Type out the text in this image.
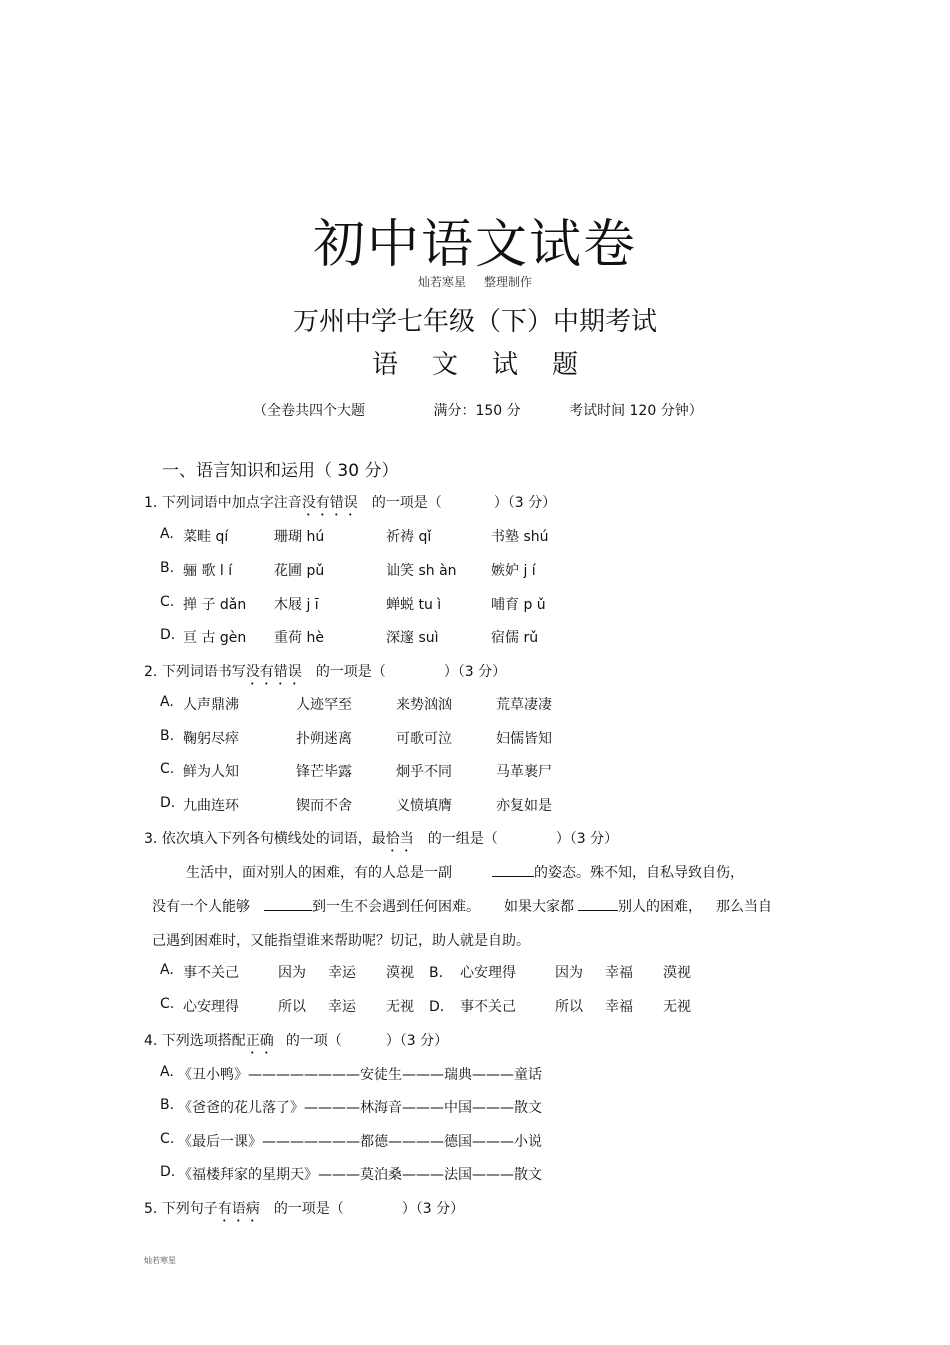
初中语文试卷
灿若寒星 整理制作
万州中学七年级（下）中期考试
语文试题
（全卷共四个大题	满分：150 分	考试时间 120 分钟）
一、语言知识和运用（ 30 分）
1. 下列词语中加点字注音没有错误 的一项是（	）（3 分）
A. 菜畦 qí	珊瑚 hú	祈祷 qǐ	书塾 shú
B. 骊 歌 l í	花圃 pǔ	讪笑 sh àn 嫉妒 j í
C. 掸 子 dǎn 木屐 j ī	蝉蜕 tu ì	哺育 p ǔ
D. 亘 古 gèn 重荷 hè	深邃 suì	宿儒 rǔ
2. 下列词语书写没有错误 的一项是（	）（3 分）
A. 人声鼎沸	人迹罕至	来势汹汹	荒草凄凄
B. 鞠躬尽瘁	扑朔迷离	可歌可泣	妇儒皆知
C. 鲜为人知	锋芒毕露	炯乎不同	马革裹尸
D. 九曲连环	锲而不舍	义愤填膺	亦复如是
3. 依次填入下列各句横线处的词语，最恰当 的一组是（	）（3 分）
生活中，面对别人的困难，有的人总是一副	的姿态。殊不知，自私导致自伤，
没有一个人能够	到一生不会遇到任何困难。 如果大家都	别人的困难， 那么当自
己遇到困难时，又能指望谁来帮助呢？切记，助人就是自助。
A. 事不关己	因为 幸运 漠视 B． 心安理得	因为 幸福 漠视
C. 心安理得	所以 幸运 无视 D． 事不关己	所以 幸福 无视
4. 下列选项搭配正确 的一项（	）（3 分）
A. 《丑小鸭》————————安徒生———瑞典———童话
B. 《爸爸的花儿落了》————林海音———中国———散文
C. 《最后一课》———————都德————德国———小说
D. 《福楼拜家的星期天》———莫泊桑———法国———散文
5. 下列句子有语病 的一项是（	）（3 分）
灿若寒星
